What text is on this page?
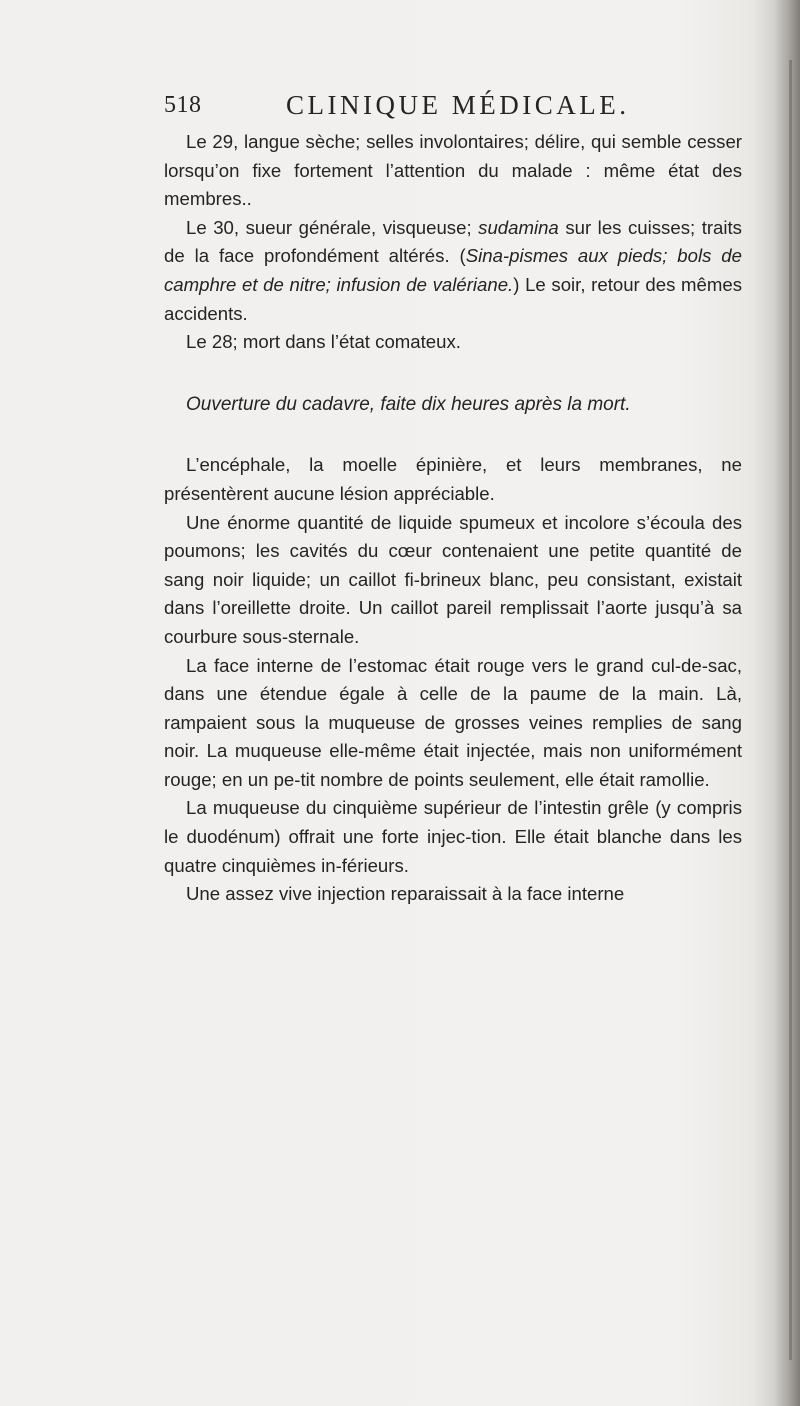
518	CLINIQUE MÉDICALE.

Le 29, langue sèche; selles involontaires; délire, qui semble cesser lorsqu’on fixe fortement l’attention du malade : même état des membres..

Le 30, sueur générale, visqueuse; sudamina sur les cuisses; traits de la face profondément altérés. (Sina-pismes aux pieds; bols de camphre et de nitre; infusion de valériane.) Le soir, retour des mêmes accidents.

Le 28; mort dans l’état comateux.

Ouverture du cadavre, faite dix heures après la mort.

L’encéphale, la moelle épinière, et leurs membranes, ne présentèrent aucune lésion appréciable.

Une énorme quantité de liquide spumeux et incolore s’écoula des poumons; les cavités du cœur contenaient une petite quantité de sang noir liquide; un caillot fi-brineux blanc, peu consistant, existait dans l’oreillette droite. Un caillot pareil remplissait l’aorte jusqu’à sa courbure sous-sternale.

La face interne de l’estomac était rouge vers le grand cul-de-sac, dans une étendue égale à celle de la paume de la main. Là, rampaient sous la muqueuse de grosses veines remplies de sang noir. La muqueuse elle-même était injectée, mais non uniformément rouge; en un pe-tit nombre de points seulement, elle était ramollie.

La muqueuse du cinquième supérieur de l’intestin grêle (y compris le duodénum) offrait une forte injec-tion. Elle était blanche dans les quatre cinquièmes in-férieurs.

Une assez vive injection reparaissait à la face interne
